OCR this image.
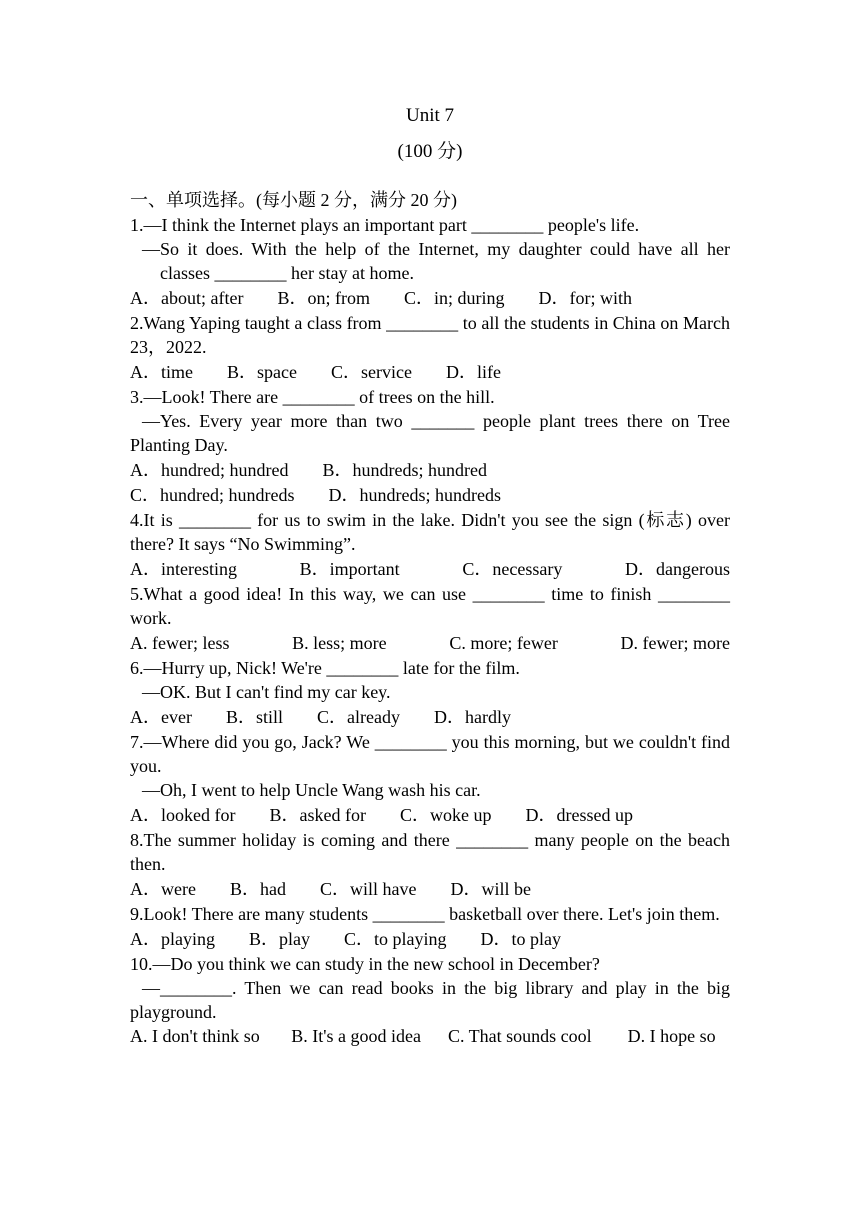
Unit 7
(100 分)
一、单项选择。(每小题 2 分，满分 20 分)
1.—I think the Internet plays an important part ________ people's life.
—So it does. With the help of the Internet, my daughter could have all her classes ________ her stay at home.
A．about; after B．on; from C．in; during D．for; with
2.Wang Yaping taught a class from ________ to all the students in China on March 23，2022.
A．time B．space C．service D．life
3.—Look! There are ________ of trees on the hill.
—Yes. Every year more than two _______ people plant trees there on Tree Planting Day.
A．hundred; hundred B．hundreds; hundred
C．hundred; hundreds D．hundreds; hundreds
4.It is ________ for us to swim in the lake. Didn't you see the sign (标志) over there? It says “No Swimming”.
A．interesting	B．important	C．necessary	D．dangerous
5.What a good idea! In this way, we can use ________ time to finish ________ work.
A. fewer; less	B. less; more	C. more; fewer	D. fewer; more
6.—Hurry up, Nick! We're ________ late for the film.
—OK. But I can't find my car key.
A．ever B．still C．already D．hardly
7.—Where did you go, Jack? We ________ you this morning, but we couldn't find you.
—Oh, I went to help Uncle Wang wash his car.
A．looked for B．asked for C．woke up D．dressed up
8.The summer holiday is coming and there ________ many people on the beach then.
A．were B．had C．will have D．will be
9.Look! There are many students ________ basketball over there. Let's join them.
A．playing B．play C．to playing D．to play
10.—Do you think we can study in the new school in December?
—________. Then we can read books in the big library and play in the big playground.
A. I don't think so B. It's a good idea C. That sounds cool D. I hope so
